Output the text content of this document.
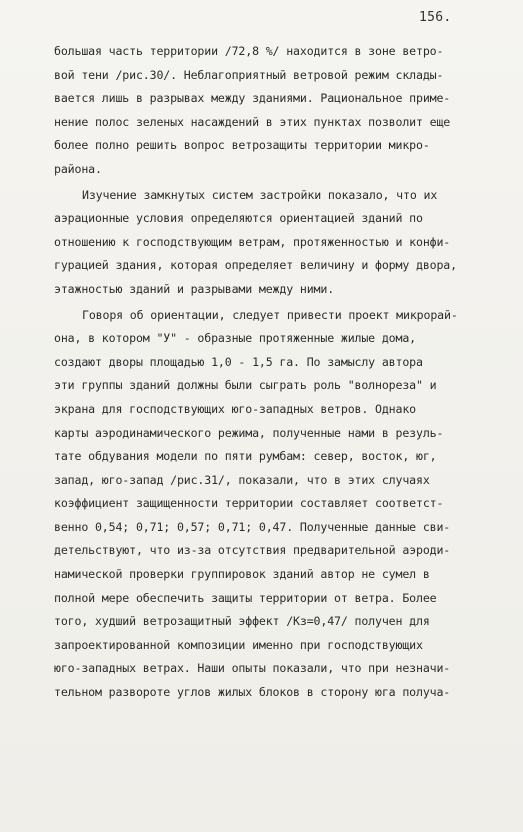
156.
большая часть территории /72,8 %/ находится в зоне ветро-
вой тени /рис.30/. Неблагоприятный ветровой режим склады-
вается лишь в разрывах между зданиями. Рациональное приме-
нение полос зеленых насаждений в этих пунктах позволит еще
более полно решить вопрос ветрозащиты территории микро-
района.
Изучение замкнутых систем застройки показало, что их
аэрационные условия определяются ориентацией зданий по
отношению к господствующим ветрам, протяженностью и конфи-
гурацией здания, которая определяет величину и форму двора,
этажностью зданий и разрывами между ними.
Говоря об ориентации, следует привести проект микрорай-
она, в котором "У" - образные протяженные жилые дома,
создают дворы площадью 1,0 - 1,5 га. По замыслу автора
эти группы зданий должны были сыграть роль "волнореза" и
экрана для господствующих юго-западных ветров. Однако
карты аэродинамического режима, полученные нами в резуль-
тате обдувания модели по пяти румбам: север, восток, юг,
запад, юго-запад /рис.31/, показали, что в этих случаях
коэффициент защищенности территории составляет соответст-
венно 0,54; 0,71; 0,57; 0,71; 0,47. Полученные данные сви-
детельствуют, что из-за отсутствия предварительной аэроди-
намической проверки группировок зданий автор не сумел в
полной мере обеспечить защиты территории от ветра. Более
того, худший ветрозащитный эффект /Кз=0,47/ получен для
запроектированной композиции именно при господствующих
юго-западных ветрах. Наши опыты показали, что при незначи-
тельном развороте углов жилых блоков в сторону юга получа-
